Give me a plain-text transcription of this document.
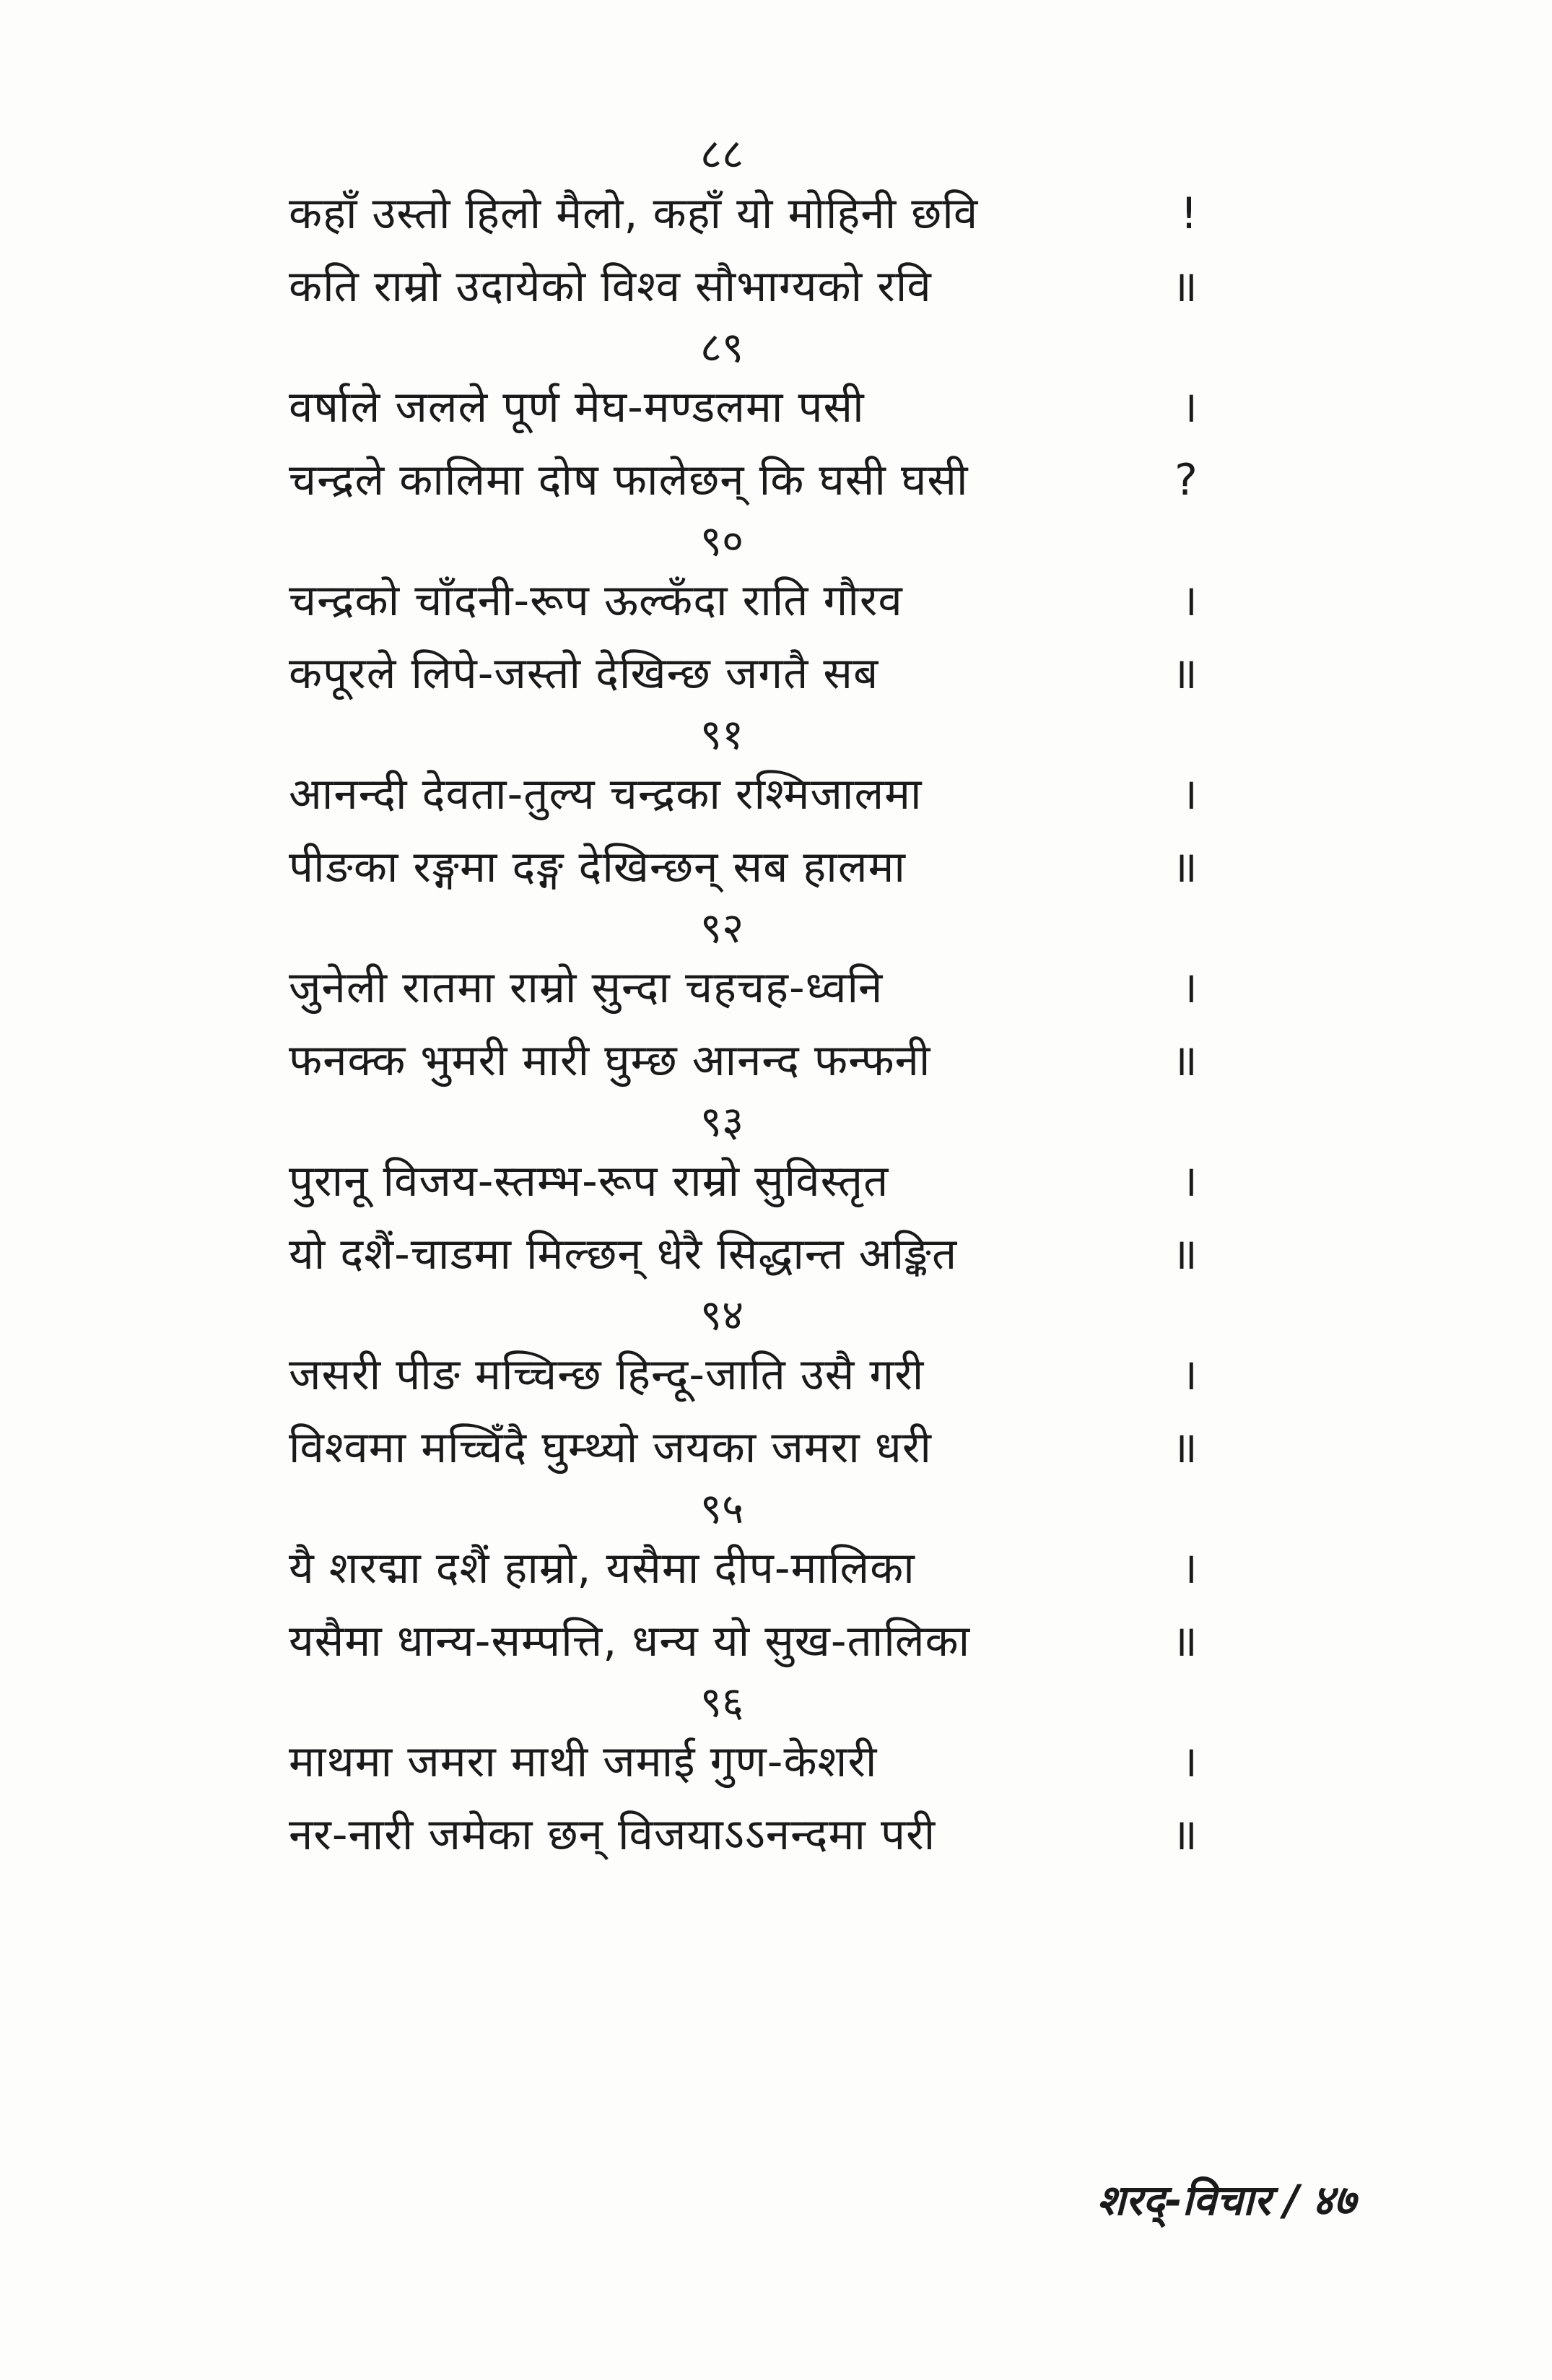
८८
कहाँ उस्तो हिलो मैलो, कहाँ यो मोहिनी छवि	!
कति राम्रो उदायेको विश्व सौभाग्यको रवि	॥
८९
वर्षाले जलले पूर्ण मेघ-मण्डलमा पसी	।
चन्द्रले कालिमा दोष फालेछन् कि घसी घसी	?
९०
चन्द्रको चाँदनी-रूप ऊल्कँदा राति गौरव	।
कपूरले लिपे-जस्तो देखिन्छ जगतै सब	॥
९१
आनन्दी देवता-तुल्य चन्द्रका रश्मिजालमा	।
पीङका रङ्गमा दङ्ग देखिन्छन् सब हालमा	॥
९२
जुनेली रातमा राम्रो सुन्दा चहचह-ध्वनि	।
फनक्क भुमरी मारी घुम्छ आनन्द फन्फनी	॥
९३
पुरानू विजय-स्तम्भ-रूप राम्रो सुविस्तृत	।
यो दशैं-चाडमा मिल्छन् धेरै सिद्धान्त अङ्कित	॥
९४
जसरी पीङ मच्चिन्छ हिन्दू-जाति उसै गरी	।
विश्वमा मच्चिँदै घुम्थ्यो जयका जमरा धरी	॥
९५
यै शरद्मा दशैं हाम्रो, यसैमा दीप-मालिका	।
यसैमा धान्य-सम्पत्ति, धन्य यो सुख-तालिका	॥
९६
माथमा जमरा माथी जमाई गुण-केशरी	।
नर-नारी जमेका छन् विजयाऽऽनन्दमा परी	॥
शरद्-विचार / ४७
